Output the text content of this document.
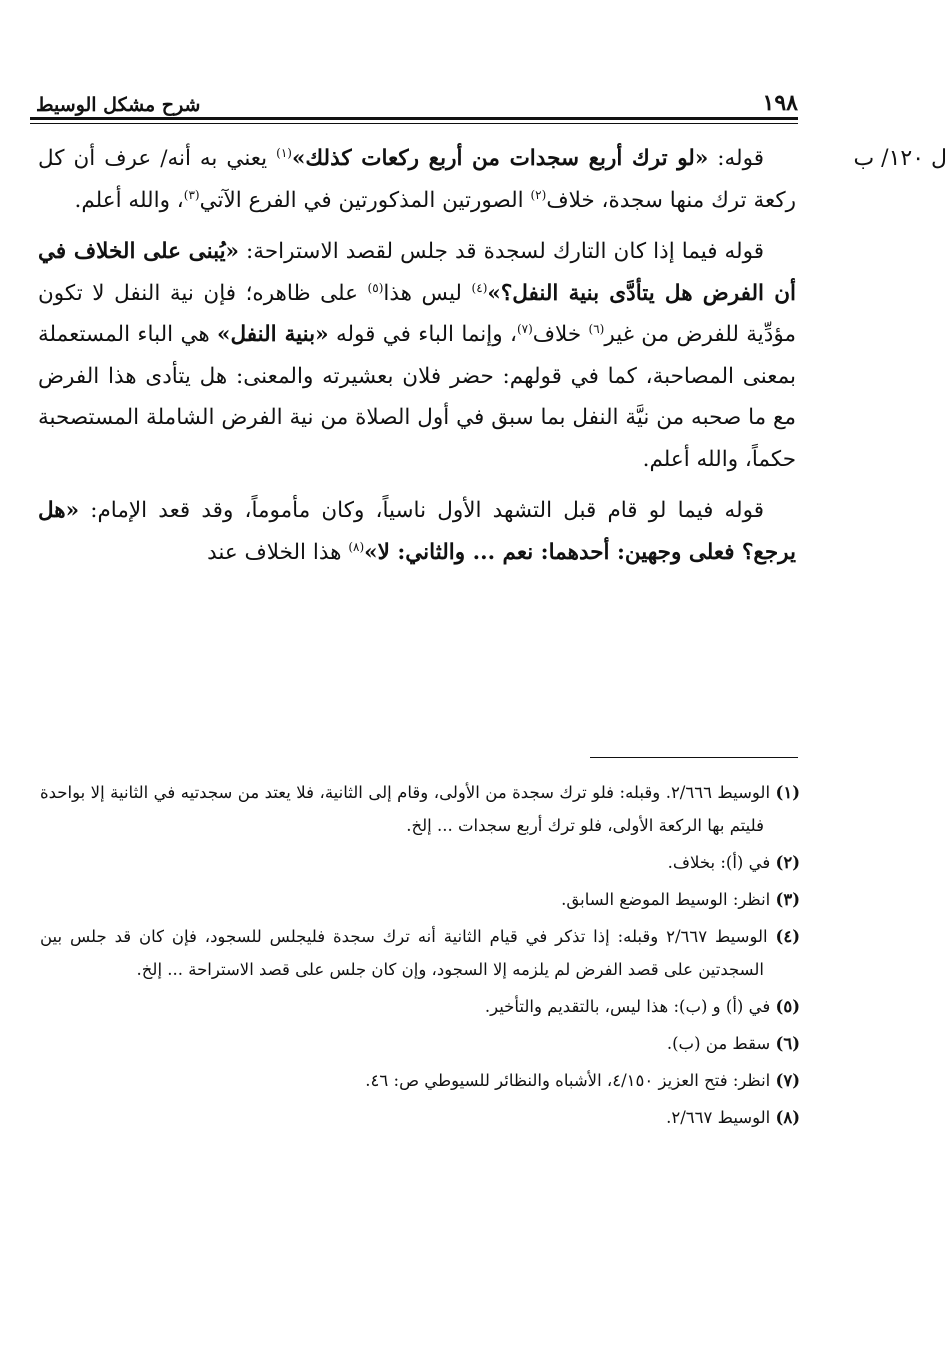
١٩٨
شرح مشكل الوسيط
ل ١٢٠/ ب

قوله: «لو ترك أربع سجدات من أربع ركعات كذلك»$^{(١)}$ يعني به أنه/ عرف أن كل ركعة ترك منها سجدة، خلاف$^{(٢)}$ الصورتين المذكورتين في الفرع الآتي$^{(٣)}$، والله أعلم.

قوله فيما إذا كان التارك لسجدة قد جلس لقصد الاستراحة: «يُبنى على الخلاف في أن الفرض هل يتأدَّى بنية النفل؟»$^{(٤)}$ ليس هذا$^{(٥)}$ على ظاهره؛ فإن نية النفل لا تكون مؤدِّية للفرض من غير$^{(٦)}$ خلاف$^{(٧)}$، وإنما الباء في قوله «بنية النفل» هي الباء المستعملة بمعنى المصاحبة، كما في قولهم: حضر فلان بعشيرته والمعنى: هل يتأدى هذا الفرض مع ما صحبه من نيَّة النفل بما سبق في أول الصلاة من نية الفرض الشاملة المستصحبة حكماً، والله أعلم.

قوله فيما لو قام قبل التشهد الأول ناسياً، وكان مأموماً، وقد قعد الإمام: «هل يرجع؟ فعلى وجهين: أحدهما: نعم ... والثاني: لا»$^{(٨)}$ هذا الخلاف عند

(١) الوسيط ٢/٦٦٦. وقبله: فلو ترك سجدة من الأولى، وقام إلى الثانية، فلا يعتد من سجدتيه في الثانية إلا بواحدة فليتم بها الركعة الأولى، فلو ترك أربع سجدات ... إلخ.

(٢) في (أ): بخلاف.

(٣) انظر: الوسيط الموضع السابق.

(٤) الوسيط ٢/٦٦٧ وقبله: إذا تذكر في قيام الثانية أنه ترك سجدة فليجلس للسجود، فإن كان قد جلس بين السجدتين على قصد الفرض لم يلزمه إلا السجود، وإن كان جلس على قصد الاستراحة ... إلخ.

(٥) في (أ) و (ب): هذا ليس، بالتقديم والتأخير.

(٦) سقط من (ب).

(٧) انظر: فتح العزيز ٤/١٥٠، الأشباه والنظائر للسيوطي ص: ٤٦.

(٨) الوسيط ٢/٦٦٧.
